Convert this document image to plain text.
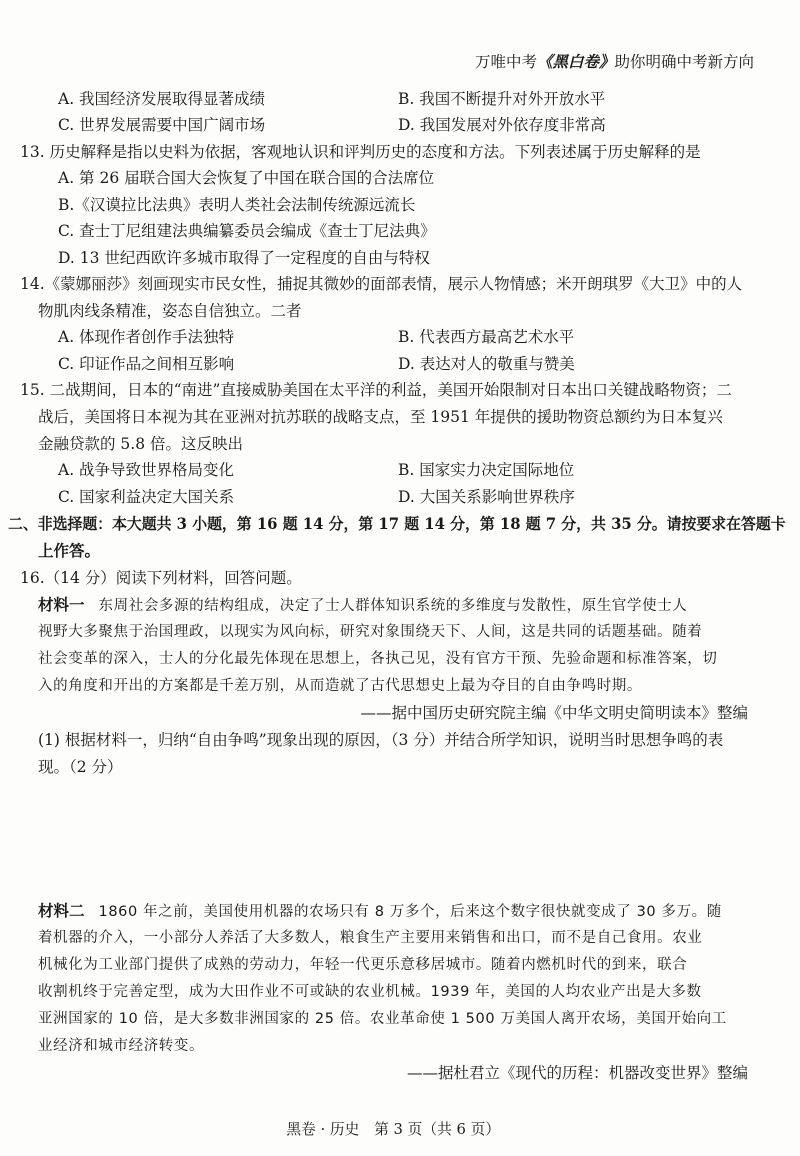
万唯中考《黑白卷》助你明确中考新方向
A. 我国经济发展取得显著成绩	B. 我国不断提升对外开放水平
C. 世界发展需要中国广阔市场	D. 我国发展对外依存度非常高
13. 历史解释是指以史料为依据，客观地认识和评判历史的态度和方法。下列表述属于历史解释的是
A. 第 26 届联合国大会恢复了中国在联合国的合法席位
B.《汉谟拉比法典》表明人类社会法制传统源远流长
C. 查士丁尼组建法典编纂委员会编成《查士丁尼法典》
D. 13 世纪西欧许多城市取得了一定程度的自由与特权
14.《蒙娜丽莎》刻画现实市民女性，捕捉其微妙的面部表情，展示人物情感；米开朗琪罗《大卫》中的人
物肌肉线条精准，姿态自信独立。二者
A. 体现作者创作手法独特	B. 代表西方最高艺术水平
C. 印证作品之间相互影响	D. 表达对人的敬重与赞美
15. 二战期间，日本的“南进”直接威胁美国在太平洋的利益，美国开始限制对日本出口关键战略物资；二
战后，美国将日本视为其在亚洲对抗苏联的战略支点，至 1951 年提供的援助物资总额约为日本复兴
金融贷款的 5.8 倍。这反映出
A. 战争导致世界格局变化	B. 国家实力决定国际地位
C. 国家利益决定大国关系	D. 大国关系影响世界秩序
二、非选择题：本大题共 3 小题，第 16 题 14 分，第 17 题 14 分，第 18 题 7 分，共 35 分。请按要求在答题卡
上作答。
16.（14 分）阅读下列材料，回答问题。
材料一 东周社会多源的结构组成，决定了士人群体知识系统的多维度与发散性，原生官学使士人
视野大多聚焦于治国理政，以现实为风向标，研究对象围绕天下、人间，这是共同的话题基础。随着
社会变革的深入，士人的分化最先体现在思想上，各执己见，没有官方干预、先验命题和标准答案，切
入的角度和开出的方案都是千差万别，从而造就了古代思想史上最为夺目的自由争鸣时期。
——据中国历史研究院主编《中华文明史简明读本》整编
(1) 根据材料一，归纳“自由争鸣”现象出现的原因，（3 分）并结合所学知识，说明当时思想争鸣的表
现。（2 分）
材料二 1860 年之前，美国使用机器的农场只有 8 万多个，后来这个数字很快就变成了 30 多万。随
着机器的介入，一小部分人养活了大多数人，粮食生产主要用来销售和出口，而不是自己食用。农业
机械化为工业部门提供了成熟的劳动力，年轻一代更乐意移居城市。随着内燃机时代的到来，联合
收割机终于完善定型，成为大田作业不可或缺的农业机械。1939 年，美国的人均农业产出是大多数
亚洲国家的 10 倍，是大多数非洲国家的 25 倍。农业革命使 1 500 万美国人离开农场，美国开始向工
业经济和城市经济转变。
——据杜君立《现代的历程：机器改变世界》整编
黑卷 · 历史　第 3 页（共 6 页）
